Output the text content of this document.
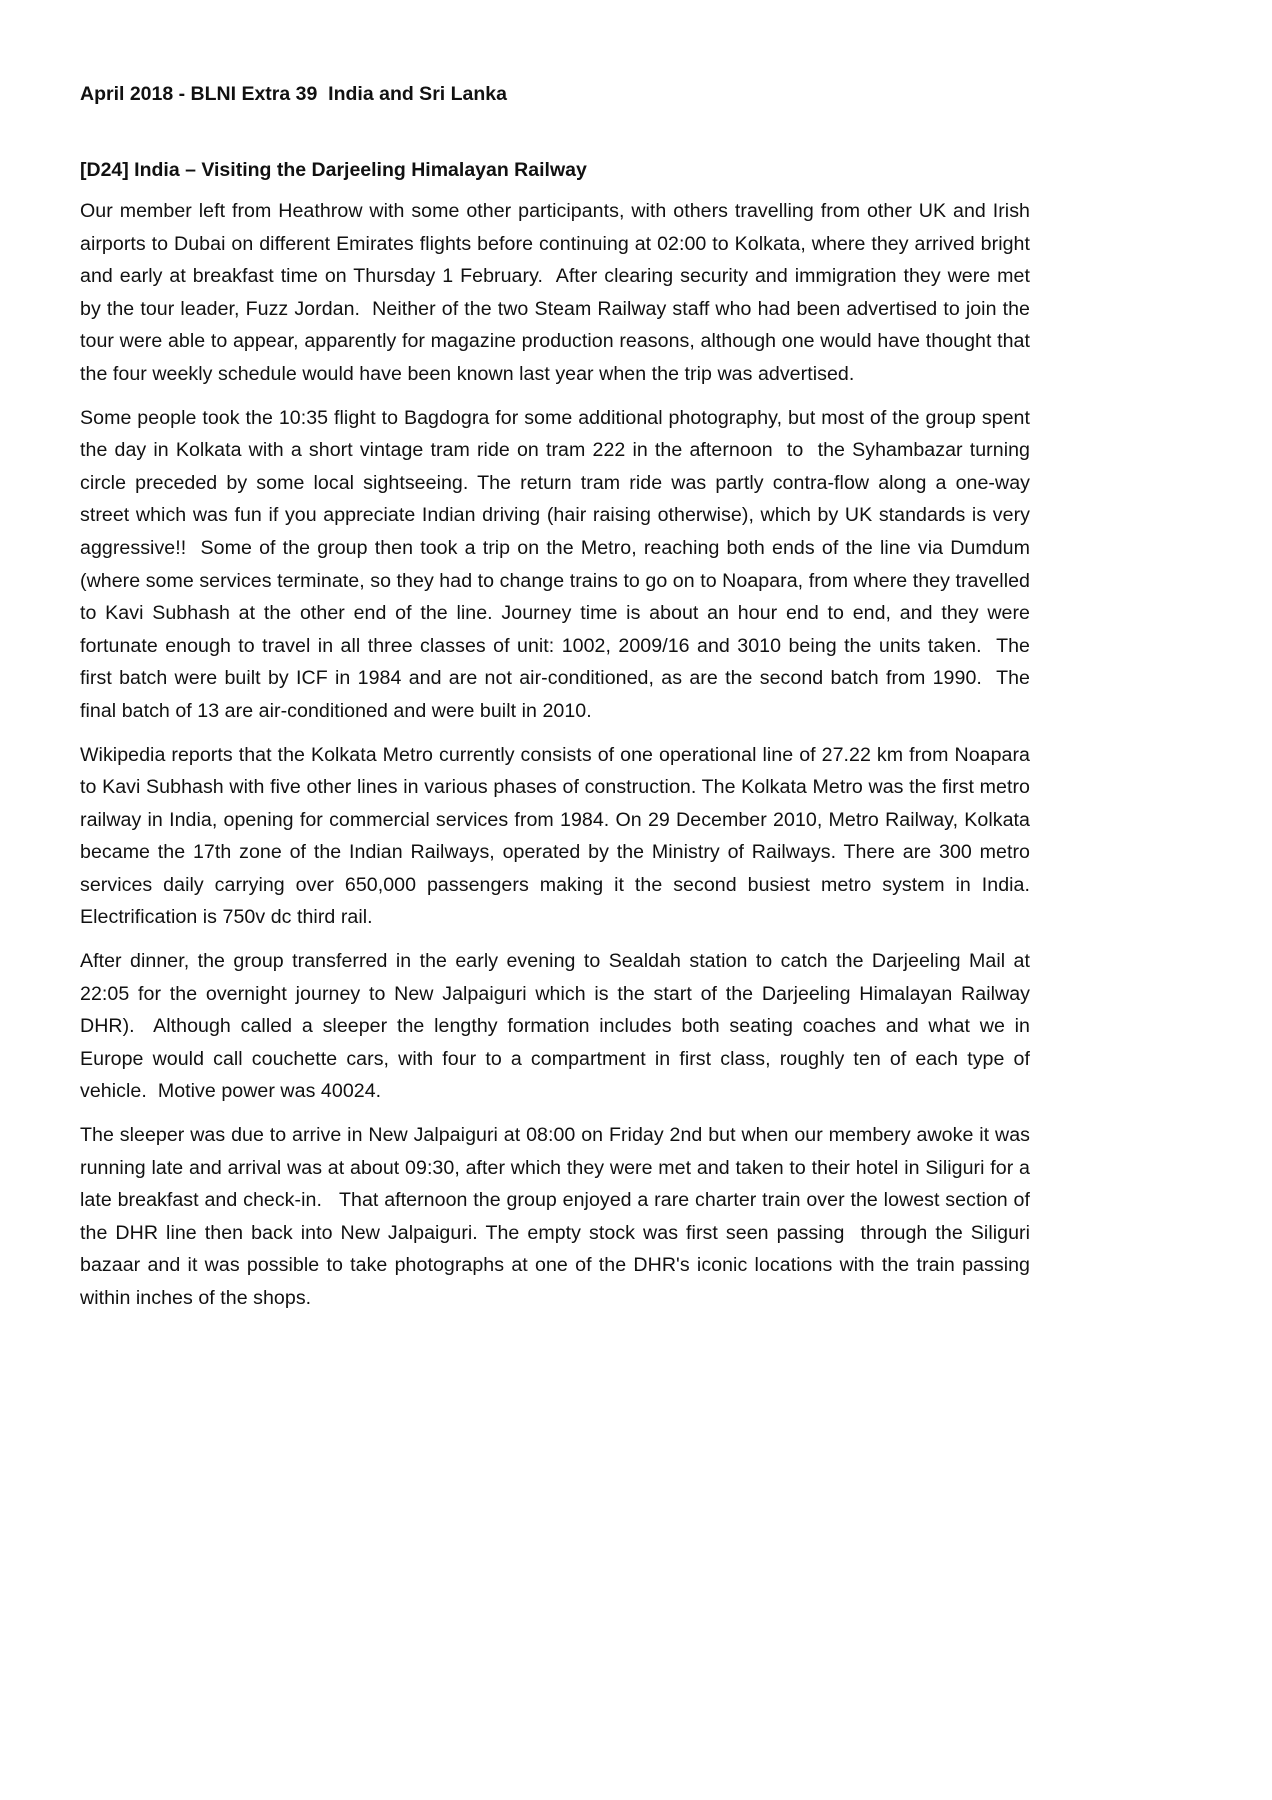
April 2018 - BLNI Extra 39  India and Sri Lanka
[D24] India – Visiting the Darjeeling Himalayan Railway

Our member left from Heathrow with some other participants, with others travelling from other UK and Irish airports to Dubai on different Emirates flights before continuing at 02:00 to Kolkata, where they arrived bright and early at breakfast time on Thursday 1 February.  After clearing security and immigration they were met by the tour leader, Fuzz Jordan.  Neither of the two Steam Railway staff who had been advertised to join the tour were able to appear, apparently for magazine production reasons, although one would have thought that the four weekly schedule would have been known last year when the trip was advertised.

Some people took the 10:35 flight to Bagdogra for some additional photography, but most of the group spent the day in Kolkata with a short vintage tram ride on tram 222 in the afternoon  to  the Syhambazar turning circle preceded by some local sightseeing. The return tram ride was partly contra-flow along a one-way street which was fun if you appreciate Indian driving (hair raising otherwise), which by UK standards is very aggressive!!  Some of the group then took a trip on the Metro, reaching both ends of the line via Dumdum (where some services terminate, so they had to change trains to go on to Noapara, from where they travelled to Kavi Subhash at the other end of the line. Journey time is about an hour end to end, and they were fortunate enough to travel in all three classes of unit: 1002, 2009/16 and 3010 being the units taken.  The first batch were built by ICF in 1984 and are not air-conditioned, as are the second batch from 1990.  The final batch of 13 are air-conditioned and were built in 2010.

Wikipedia reports that the Kolkata Metro currently consists of one operational line of 27.22 km from Noapara  to Kavi Subhash with five other lines in various phases of construction. The Kolkata Metro was the first metro railway in India, opening for commercial services from 1984. On 29 December 2010, Metro Railway, Kolkata became the 17th zone of the Indian Railways, operated by the Ministry of Railways. There are 300 metro services daily carrying over 650,000 passengers making it the second busiest metro system in India.  Electrification is 750v dc third rail.

After dinner, the group transferred in the early evening to Sealdah station to catch the Darjeeling Mail at 22:05 for the overnight journey to New Jalpaiguri which is the start of the Darjeeling Himalayan Railway DHR).  Although called a sleeper the lengthy formation includes both seating coaches and what we in Europe would call couchette cars, with four to a compartment in first class, roughly ten of each type of vehicle.  Motive power was 40024.

The sleeper was due to arrive in New Jalpaiguri at 08:00 on Friday 2nd but when our membery awoke it was running late and arrival was at about 09:30, after which they were met and taken to their hotel in Siliguri for a late breakfast and check-in.   That afternoon the group enjoyed a rare charter train over the lowest section of the DHR line then back into New Jalpaiguri. The empty stock was first seen passing  through the Siliguri bazaar and it was possible to take photographs at one of the DHR's iconic locations with the train passing within inches of the shops.
